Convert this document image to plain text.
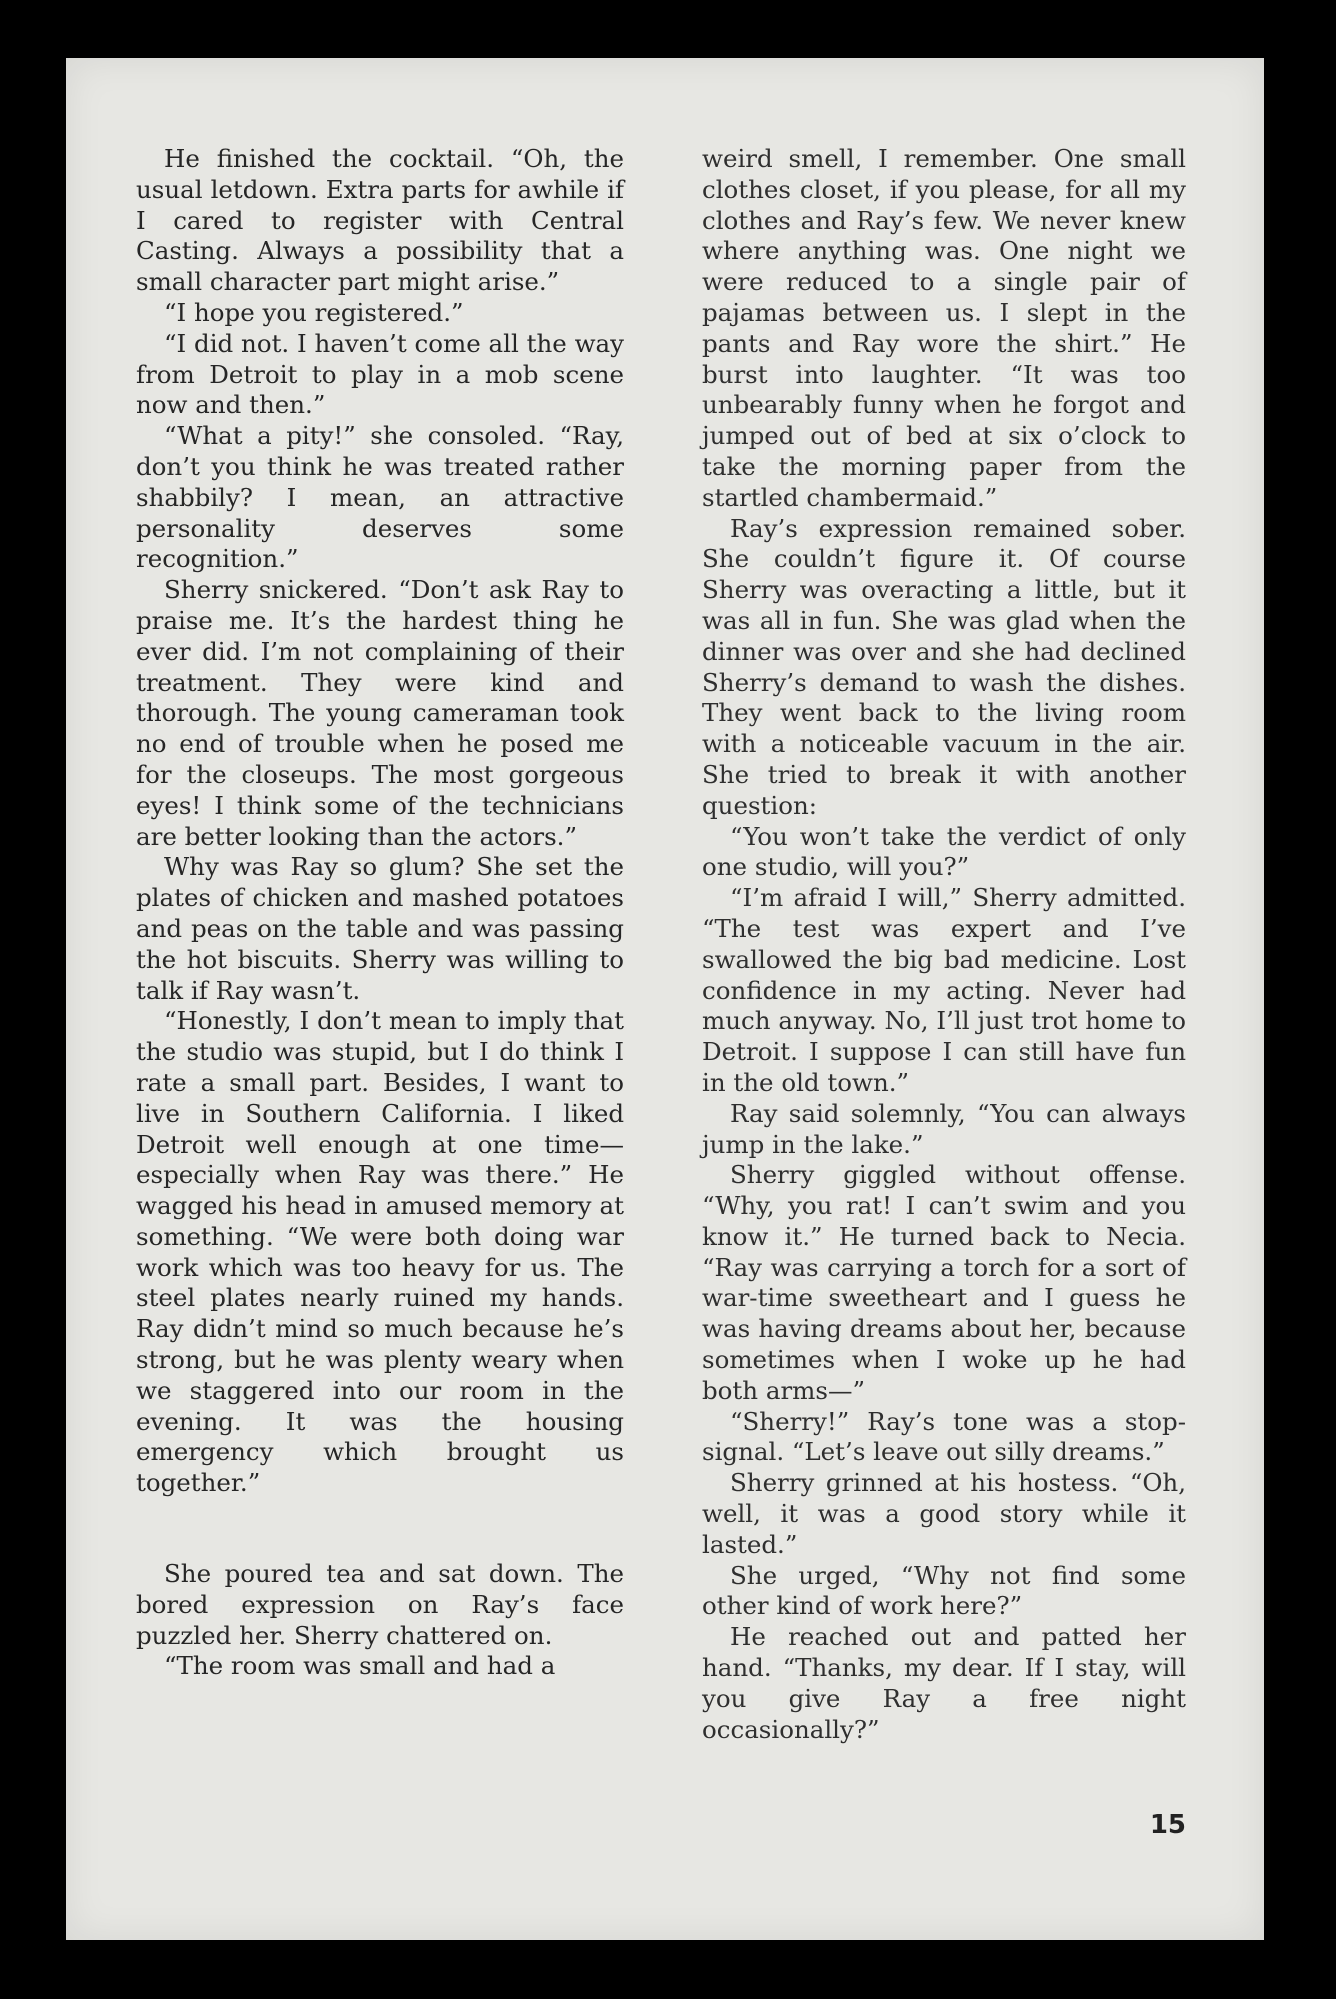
He finished the cocktail. “Oh, the usual letdown. Extra parts for awhile if I cared to register with Central Casting. Always a possibility that a small character part might arise.”

“I hope you registered.”

“I did not. I haven’t come all the way from Detroit to play in a mob scene now and then.”

“What a pity!” she consoled. “Ray, don’t you think he was treated rather shabbily? I mean, an attractive personality deserves some recognition.”

Sherry snickered. “Don’t ask Ray to praise me. It’s the hardest thing he ever did. I’m not complaining of their treatment. They were kind and thorough. The young cameraman took no end of trouble when he posed me for the closeups. The most gorgeous eyes! I think some of the technicians are better looking than the actors.”

Why was Ray so glum? She set the plates of chicken and mashed potatoes and peas on the table and was passing the hot biscuits. Sherry was willing to talk if Ray wasn’t.

“Honestly, I don’t mean to imply that the studio was stupid, but I do think I rate a small part. Besides, I want to live in Southern California. I liked Detroit well enough at one time—especially when Ray was there.” He wagged his head in amused memory at something. “We were both doing war work which was too heavy for us. The steel plates nearly ruined my hands. Ray didn’t mind so much because he’s strong, but he was plenty weary when we staggered into our room in the evening. It was the housing emergency which brought us together.”

She poured tea and sat down. The bored expression on Ray’s face puzzled her. Sherry chattered on.

“The room was small and had a

weird smell, I remember. One small clothes closet, if you please, for all my clothes and Ray’s few. We never knew where anything was. One night we were reduced to a single pair of pajamas between us. I slept in the pants and Ray wore the shirt.” He burst into laughter. “It was too unbearably funny when he forgot and jumped out of bed at six o’clock to take the morning paper from the startled chambermaid.”

Ray’s expression remained sober. She couldn’t figure it. Of course Sherry was overacting a little, but it was all in fun. She was glad when the dinner was over and she had declined Sherry’s demand to wash the dishes. They went back to the living room with a noticeable vacuum in the air. She tried to break it with another question:

“You won’t take the verdict of only one studio, will you?”

“I’m afraid I will,” Sherry admitted. “The test was expert and I’ve swallowed the big bad medicine. Lost confidence in my acting. Never had much anyway. No, I’ll just trot home to Detroit. I suppose I can still have fun in the old town.”

Ray said solemnly, “You can always jump in the lake.”

Sherry giggled without offense. “Why, you rat! I can’t swim and you know it.” He turned back to Necia. “Ray was carrying a torch for a sort of war-time sweetheart and I guess he was having dreams about her, because sometimes when I woke up he had both arms—”

“Sherry!” Ray’s tone was a stop-signal. “Let’s leave out silly dreams.”

Sherry grinned at his hostess. “Oh, well, it was a good story while it lasted.”

She urged, “Why not find some other kind of work here?”

He reached out and patted her hand. “Thanks, my dear. If I stay, will you give Ray a free night occasionally?”

15
